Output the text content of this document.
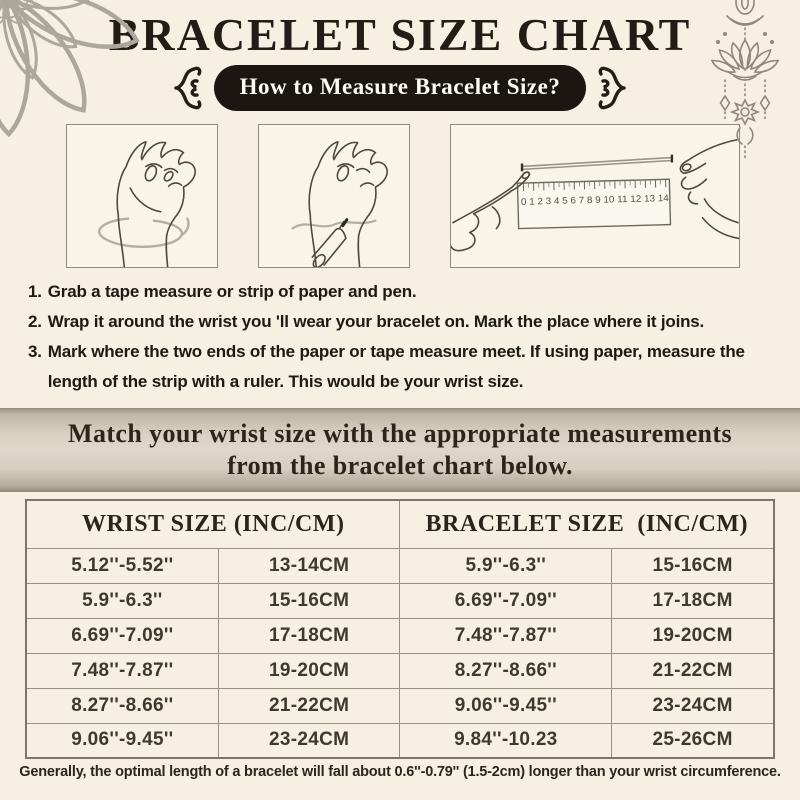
BRACELET SIZE CHART
How to Measure Bracelet Size?
0 1 2 3 4 5 6 7 8 9 10 11 12 13 14
1. Grab a tape measure or strip of paper and pen.
2. Wrap it around the wrist you 'll wear your bracelet on. Mark the place where it joins.
3. Mark where the two ends of the paper or tape measure meet. If using paper, measure the length of the strip with a ruler. This would be your wrist size.
Match your wrist size with the appropriate measurements
from the bracelet chart below.
WRIST SIZE (INC/CM)		BRACELET SIZE  (INC/CM)	
5.12''-5.52''	13-14CM	5.9''-6.3''	15-16CM
5.9''-6.3''	15-16CM	6.69''-7.09''	17-18CM
6.69''-7.09''	17-18CM	7.48''-7.87''	19-20CM
7.48''-7.87''	19-20CM	8.27''-8.66''	21-22CM
8.27''-8.66''	21-22CM	9.06''-9.45''	23-24CM
9.06''-9.45''	23-24CM	9.84''-10.23	25-26CM
Generally, the optimal length of a bracelet will fall about 0.6''-0.79'' (1.5-2cm) longer than your wrist circumference.
